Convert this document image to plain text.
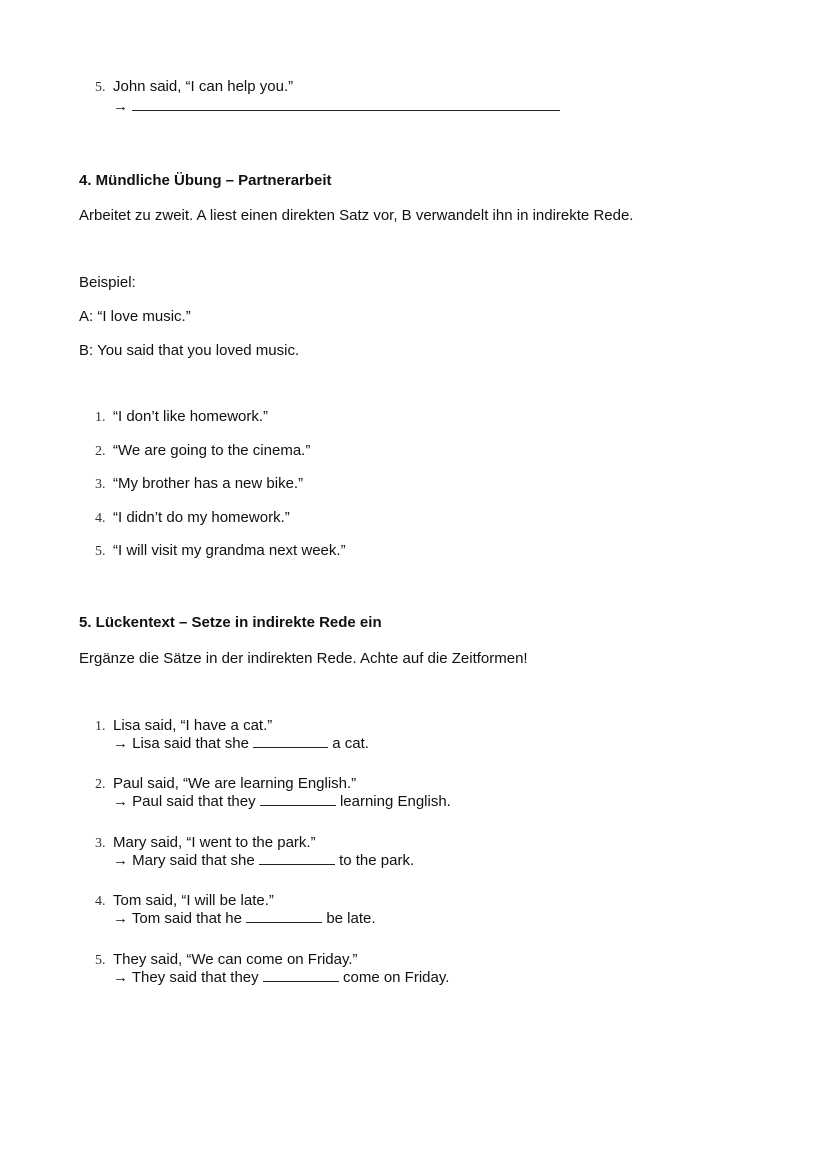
5. John said, “I can help you.”
→
4. Mündliche Übung – Partnerarbeit
Arbeitet zu zweit. A liest einen direkten Satz vor, B verwandelt ihn in indirekte Rede.
Beispiel:
A: “I love music.”
B: You said that you loved music.
1. “I don’t like homework.”
2. “We are going to the cinema.”
3. “My brother has a new bike.”
4. “I didn’t do my homework.”
5. “I will visit my grandma next week.”
5. Lückentext – Setze in indirekte Rede ein
Ergänze die Sätze in der indirekten Rede. Achte auf die Zeitformen!
1. Lisa said, “I have a cat.”
→ Lisa said that she	a cat.
2. Paul said, “We are learning English.”
→ Paul said that they	learning English.
3. Mary said, “I went to the park.”
→ Mary said that she	to the park.
4. Tom said, “I will be late.”
→ Tom said that he	be late.
5. They said, “We can come on Friday.”
→ They said that they	come on Friday.
